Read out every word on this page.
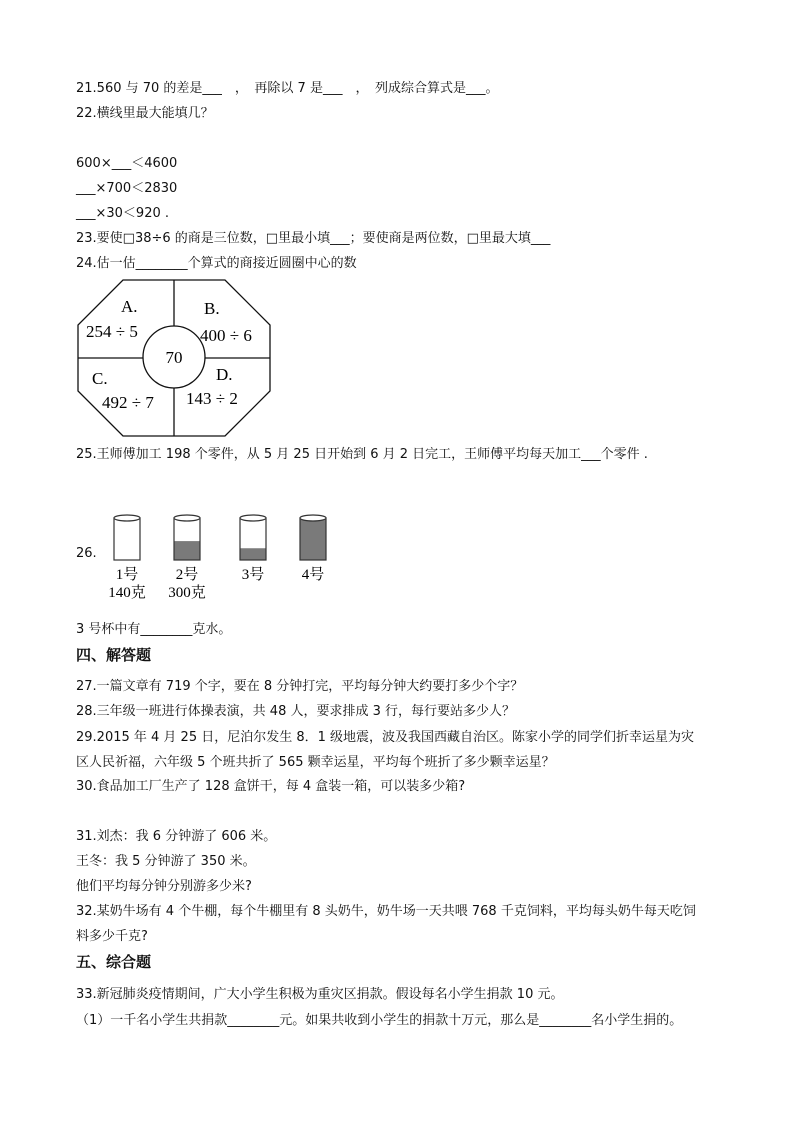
21.560 与 70 的差是___　，　再除以 7 是___　，　列成综合算式是___。
22.横线里最大能填几？
600×___＜4600
___×700＜2830
___×30＜920 .
23.要使□38÷6 的商是三位数，□里最小填___；要使商是两位数，□里最大填___
24.估一估________个算式的商接近圆圈中心的数
70
A.
254 ÷ 5
B.
400 ÷ 6
C.
492 ÷ 7
D.
143 ÷ 2
25.王师傅加工 198 个零件，从 5 月 25 日开始到 6 月 2 日完工，王师傅平均每天加工___个零件 .
26.
1号
140克
2号
300克
3号 4号
3 号杯中有________克水。
四、解答题
27.一篇文章有 719 个字，要在 8 分钟打完，平均每分钟大约要打多少个字？
28.三年级一班进行体操表演，共 48 人，要求排成 3 行，每行要站多少人？
29.2015 年 4 月 25 日，尼泊尔发生 8．1 级地震，波及我国西藏自治区。陈家小学的同学们折幸运星为灾
区人民祈福，六年级 5 个班共折了 565 颗幸运星，平均每个班折了多少颗幸运星？
30.食品加工厂生产了 128 盒饼干，每 4 盒装一箱，可以装多少箱?
31.刘杰：我 6 分钟游了 606 米。
王冬：我 5 分钟游了 350 米。
他们平均每分钟分别游多少米?
32.某奶牛场有 4 个牛棚，每个牛棚里有 8 头奶牛，奶牛场一天共喂 768 千克饲料，平均每头奶牛每天吃饲
料多少千克?
五、综合题
33.新冠肺炎疫情期间，广大小学生积极为重灾区捐款。假设每名小学生捐款 10 元。
（1）一千名小学生共捐款________元。如果共收到小学生的捐款十万元，那么是________名小学生捐的。
